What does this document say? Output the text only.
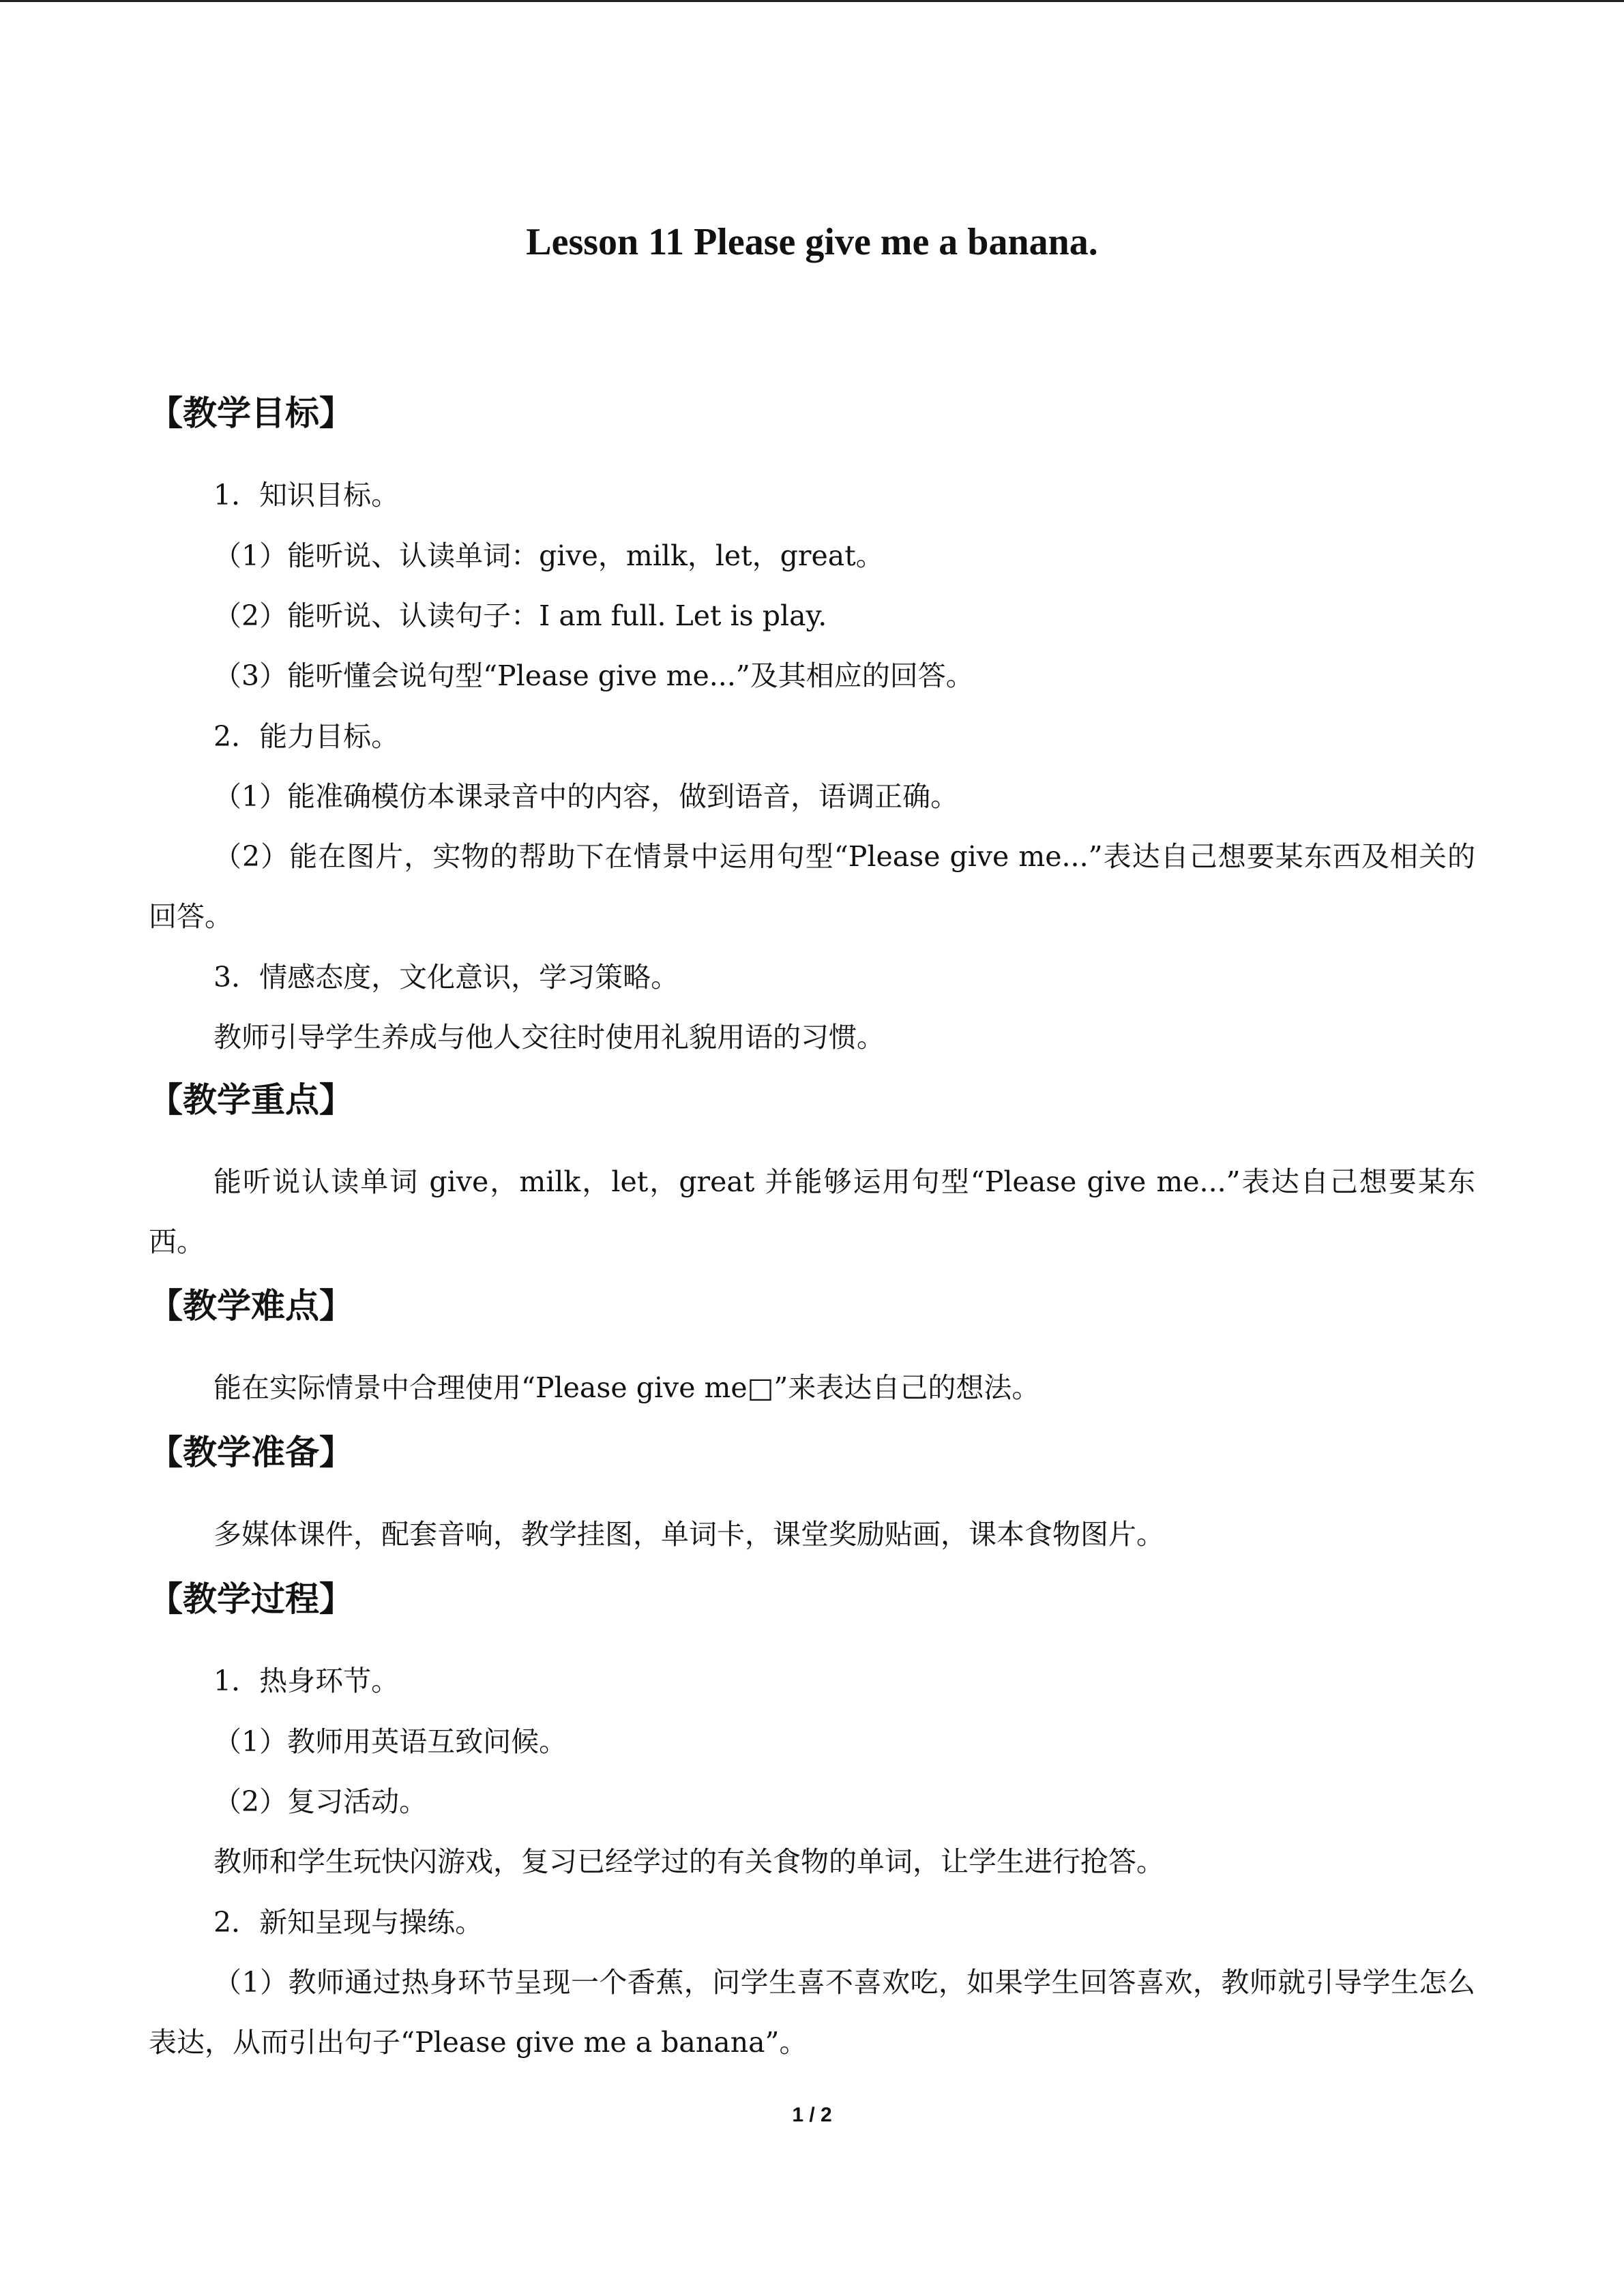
Lesson 11 Please give me a banana.
【教学目标】
1．知识目标。
（1）能听说、认读单词：give，milk，let，great。
（2）能听说、认读句子：I am full. Let is play.
（3）能听懂会说句型“Please give me...”及其相应的回答。
2．能力目标。
（1）能准确模仿本课录音中的内容，做到语音，语调正确。
（2）能在图片，实物的帮助下在情景中运用句型“Please give me...”表达自己想要某东西及相关的回答。
3．情感态度，文化意识，学习策略。
教师引导学生养成与他人交往时使用礼貌用语的习惯。
【教学重点】
能听说认读单词 give，milk，let，great 并能够运用句型“Please give me...”表达自己想要某东西。
【教学难点】
能在实际情景中合理使用“Please give me□”来表达自己的想法。
【教学准备】
多媒体课件，配套音响，教学挂图，单词卡，课堂奖励贴画，课本食物图片。
【教学过程】
1．热身环节。
（1）教师用英语互致问候。
（2）复习活动。
教师和学生玩快闪游戏，复习已经学过的有关食物的单词，让学生进行抢答。
2．新知呈现与操练。
（1）教师通过热身环节呈现一个香蕉，问学生喜不喜欢吃，如果学生回答喜欢，教师就引导学生怎么表达，从而引出句子“Please give me a banana”。
1 / 2
